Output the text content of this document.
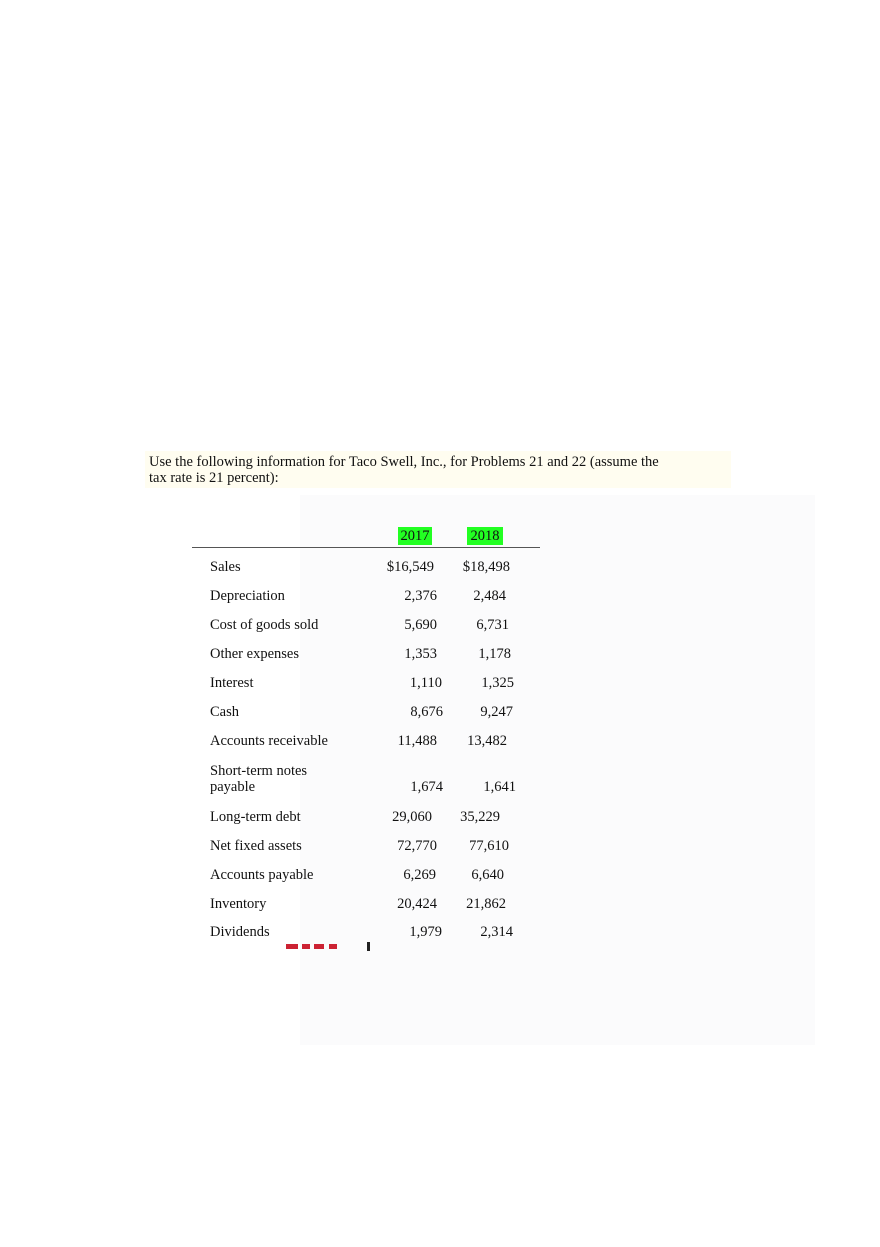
Use the following information for Taco Swell, Inc., for Problems 21 and 22 (assume the
tax rate is 21 percent):
2017	2018
Sales	$16,549 $18,498
Depreciation	2,376	2,484
Cost of goods sold	5,690	6,731
Other expenses	1,353	1,178
Interest	1,110	1,325
Cash	8,676	9,247
Accounts receivable	11,488 13,482
Short-term notes
payable	1,674	1,641
Long-term debt	29,060 35,229
Net fixed assets	72,770 77,610
Accounts payable	6,269 6,640
Inventory	20,424 21,862
Dividends	1,979	2,314
